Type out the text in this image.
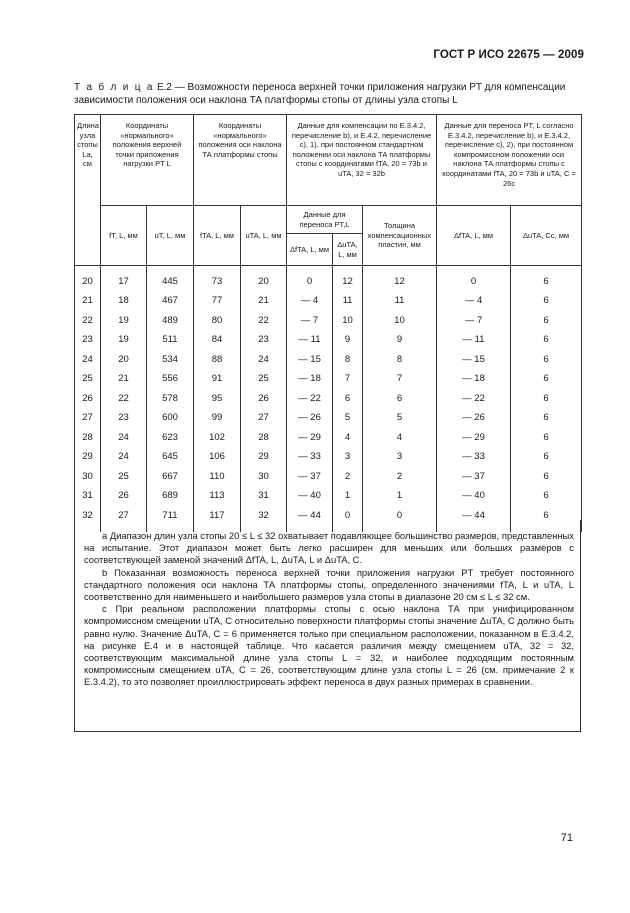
ГОСТ Р ИСО 22675 — 2009
Т а б л и ц а Е.2 — Возможности переноса верхней точки приложения нагрузки PT для компенсации зависимости положения оси наклона ТА платформы стопы от длины узла стопы L
Длина узла стопы La, см	Координаты «нормального» положения верхней точки приложения нагрузки PT L		Координаты «нормального» положения оси наклона ТА платформы стопы		Данные для компенсации по Е.3.4.2, перечисление b), и Е.4.2, перечисление c), 1), при постоянном стандартном положении оси наклона ТА платформы стопы с координатами fTA, 20 = 73b и uTA, 32 = 32b			Данные для переноса PT, L согласно Е.3.4.2, перечисление b), и Е.3.4.2, перечисление с), 2), при постоянном компромиссном положении оси наклона ТА платформы стопы с координатами fTA, 20 = 73b и uTA, C = 26c	
	fT, L, мм	uT, L, мм	fTA, L, мм	uTA, L, мм	Данные для переноса PT,L		Толщина компенсационных пластин, мм	ΔfTA, L, мм	ΔuTA, Cc, мм
					ΔfTA, L, мм	ΔuTA, L, мм			

20	17	445	73	20	0	12	12	0	6
21	18	467	77	21	— 4	11	11	— 4	6
22	19	489	80	22	— 7	10	10	— 7	6
23	19	511	84	23	— 11	9	9	— 11	6
24	20	534	88	24	— 15	8	8	— 15	6
25	21	556	91	25	— 18	7	7	— 18	6
26	22	578	95	26	— 22	6	6	— 22	6
27	23	600	99	27	— 26	5	5	— 26	6
28	24	623	102	28	— 29	4	4	— 29	6
29	24	645	106	29	— 33	3	3	— 33	6
30	25	667	110	30	— 37	2	2	— 37	6
31	26	689	113	31	— 40	1	1	— 40	6
32	27	711	117	32	— 44	0	0	— 44	6

a Диапазон длин узла стопы 20 ≤ L ≤ 32 охватывает подавляющее большинство размеров, представленных на испытание. Этот диапазон может быть легко расширен для меньших или больших размеров с соответствующей заменой значений ΔfTA, L, ΔuTA, L и ΔuTA, C.

b Показанная возможность переноса верхней точки приложения нагрузки PT требует постоянного стандартного положения оси наклона ТА платформы стопы, определенного значениями fTA, L и uTA, L соответственно для наименьшего и наибольшего размеров узла стопы в диапазоне 20 см ≤ L ≤ 32 см.

c При реальном расположении платформы стопы с осью наклона ТА при унифицированном компромиссном смещении uTA, C относительно поверхности платформы стопы значение ΔuTA, C должно быть равно нулю. Значение ΔuTA, C = 6 применяется только при специальном расположении, показанном в Е.3.4.2, на рисунке Е.4 и в настоящей таблице. Что касается различия между смещением uTA, 32 = 32, соответствующим максимальной длине узла стопы L = 32, и наиболее подходящим постоянным компромиссным смещением uTA, C = 26, соответствующим длине узла стопы L = 26 (см. примечание 2 к Е.3.4.2), то это позволяет проиллюстрировать эффект переноса в двух разных примерах в сравнении.

71
